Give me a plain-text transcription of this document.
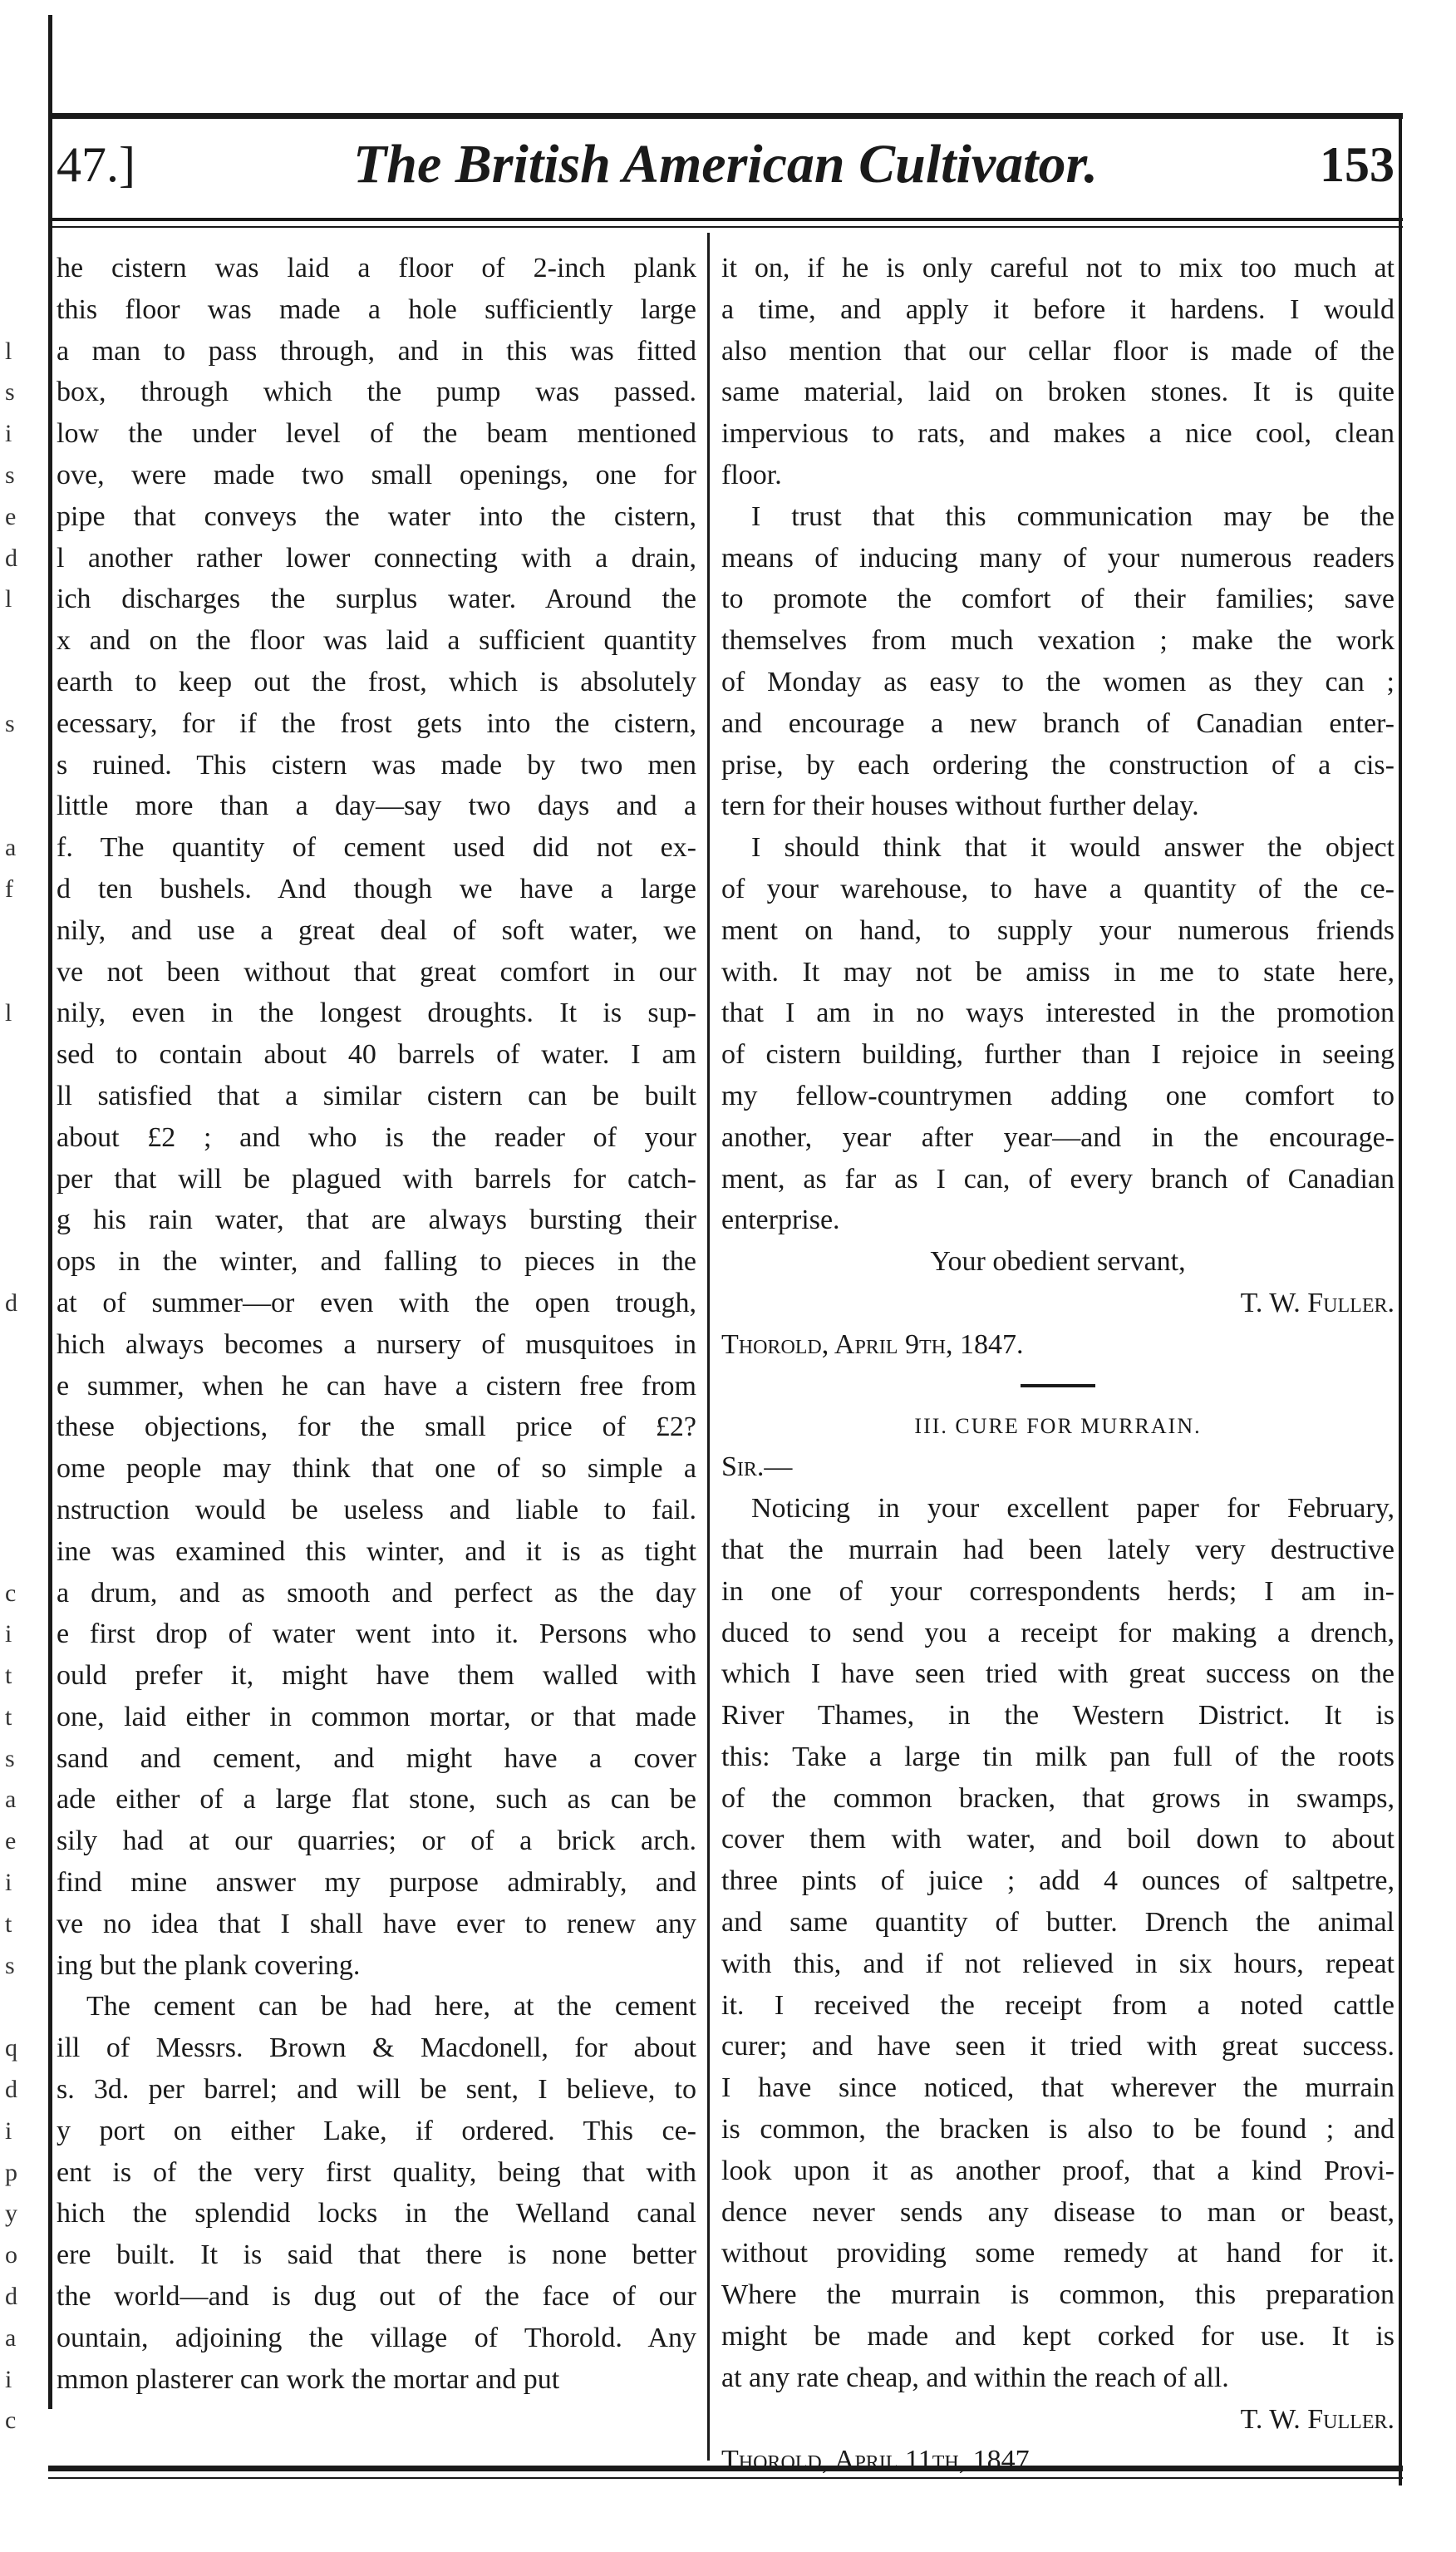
47.]	The British American Cultivator.	153
l
s
i
s
e
d
l
s
a
f
l
d
c
i
t
t
s
a
e
i
t
s
q
d
i
p
y
o
d
a
i
c
he cistern was laid a floor of 2-inch plank
this floor was made a hole sufficiently large
a man to pass through, and in this was fitted
box, through which the pump was passed.
low the under level of the beam mentioned
ove, were made two small openings, one for
pipe that conveys the water into the cistern,
l another rather lower connecting with a drain,
ich discharges the surplus water. Around the
x and on the floor was laid a sufficient quantity
earth to keep out the frost, which is absolutely
ecessary, for if the frost gets into the cistern,
s ruined. This cistern was made by two men
little more than a day—say two days and a
f. The quantity of cement used did not ex-
d ten bushels. And though we have a large
nily, and use a great deal of soft water, we
ve not been without that great comfort in our
nily, even in the longest droughts. It is sup-
sed to contain about 40 barrels of water. I am
ll satisfied that a similar cistern can be built
about £2 ; and who is the reader of your
per that will be plagued with barrels for catch-
g his rain water, that are always bursting their
ops in the winter, and falling to pieces in the
at of summer—or even with the open trough,
hich always becomes a nursery of musquitoes in
e summer, when he can have a cistern free from
these objections, for the small price of £2?
ome people may think that one of so simple a
nstruction would be useless and liable to fail.
ine was examined this winter, and it is as tight
a drum, and as smooth and perfect as the day
e first drop of water went into it. Persons who
ould prefer it, might have them walled with
one, laid either in common mortar, or that made
sand and cement, and might have a cover
ade either of a large flat stone, such as can be
sily had at our quarries; or of a brick arch.
find mine answer my purpose admirably, and
ve no idea that I shall have ever to renew any
ing but the plank covering.
The cement can be had here, at the cement
ill of Messrs. Brown & Macdonell, for about
s. 3d. per barrel; and will be sent, I believe, to
y port on either Lake, if ordered. This ce-
ent is of the very first quality, being that with
hich the splendid locks in the Welland canal
ere built. It is said that there is none better
the world—and is dug out of the face of our
ountain, adjoining the village of Thorold. Any
mmon plasterer can work the mortar and put
it on, if he is only careful not to mix too much at
a time, and apply it before it hardens. I would
also mention that our cellar floor is made of the
same material, laid on broken stones. It is quite
impervious to rats, and makes a nice cool, clean
floor.
I trust that this communication may be the
means of inducing many of your numerous readers
to promote the comfort of their families; save
themselves from much vexation ; make the work
of Monday as easy to the women as they can ;
and encourage a new branch of Canadian enter-
prise, by each ordering the construction of a cis-
tern for their houses without further delay.
I should think that it would answer the object
of your warehouse, to have a quantity of the ce-
ment on hand, to supply your numerous friends
with. It may not be amiss in me to state here,
that I am in no ways interested in the promotion
of cistern building, further than I rejoice in seeing
my fellow-countrymen adding one comfort to
another, year after year—and in the encourage-
ment, as far as I can, of every branch of Canadian
enterprise.
Your obedient servant,
T. W. Fuller.
Thorold, April 9th, 1847.
III. CURE FOR MURRAIN.
Sir.—
Noticing in your excellent paper for February,
that the murrain had been lately very destructive
in one of your correspondents herds; I am in-
duced to send you a receipt for making a drench,
which I have seen tried with great success on the
River Thames, in the Western District. It is
this: Take a large tin milk pan full of the roots
of the common bracken, that grows in swamps,
cover them with water, and boil down to about
three pints of juice ; add 4 ounces of saltpetre,
and same quantity of butter. Drench the animal
with this, and if not relieved in six hours, repeat
it. I received the receipt from a noted cattle
curer; and have seen it tried with great success.
I have since noticed, that wherever the murrain
is common, the bracken is also to be found ; and
look upon it as another proof, that a kind Provi-
dence never sends any disease to man or beast,
without providing some remedy at hand for it.
Where the murrain is common, this preparation
might be made and kept corked for use. It is
at any rate cheap, and within the reach of all.
T. W. Fuller.
Thorold, April 11th, 1847.
